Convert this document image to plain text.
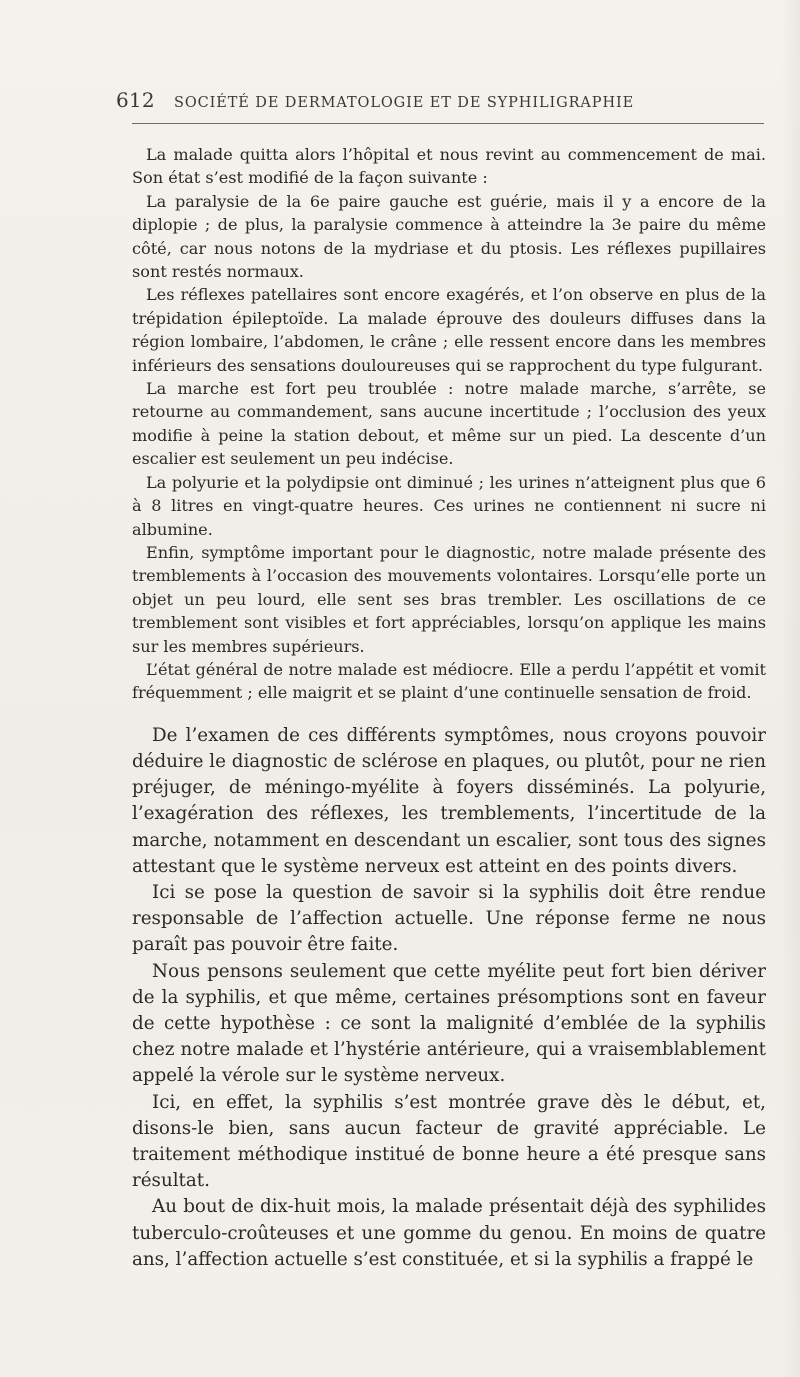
612	SOCIÉTÉ DE DERMATOLOGIE ET DE SYPHILIGRAPHIE

La malade quitta alors l’hôpital et nous revint au commencement de mai. Son état s’est modifié de la façon suivante :

La paralysie de la 6e paire gauche est guérie, mais il y a encore de la diplopie ; de plus, la paralysie commence à atteindre la 3e paire du même côté, car nous notons de la mydriase et du ptosis. Les réflexes pupillaires sont restés normaux.

Les réflexes patellaires sont encore exagérés, et l’on observe en plus de la trépidation épileptoïde. La malade éprouve des douleurs diffuses dans la région lombaire, l’abdomen, le crâne ; elle ressent encore dans les membres inférieurs des sensations douloureuses qui se rapprochent du type fulgurant.

La marche est fort peu troublée : notre malade marche, s’arrête, se retourne au commandement, sans aucune incertitude ; l’occlusion des yeux modifie à peine la station debout, et même sur un pied. La descente d’un escalier est seulement un peu indécise.

La polyurie et la polydipsie ont diminué ; les urines n’atteignent plus que 6 à 8 litres en vingt-quatre heures. Ces urines ne contiennent ni sucre ni albumine.

Enfin, symptôme important pour le diagnostic, notre malade présente des tremblements à l’occasion des mouvements volontaires. Lorsqu’elle porte un objet un peu lourd, elle sent ses bras trembler. Les oscillations de ce tremblement sont visibles et fort appréciables, lorsqu’on applique les mains sur les membres supérieurs.

L’état général de notre malade est médiocre. Elle a perdu l’appétit et vomit fréquemment ; elle maigrit et se plaint d’une continuelle sensation de froid.

De l’examen de ces différents symptômes, nous croyons pouvoir déduire le diagnostic de sclérose en plaques, ou plutôt, pour ne rien préjuger, de méningo-myélite à foyers disséminés. La polyurie, l’exagération des réflexes, les tremblements, l’incertitude de la marche, notamment en descendant un escalier, sont tous des signes attestant que le système nerveux est atteint en des points divers.

Ici se pose la question de savoir si la syphilis doit être rendue responsable de l’affection actuelle. Une réponse ferme ne nous paraît pas pouvoir être faite.

Nous pensons seulement que cette myélite peut fort bien dériver de la syphilis, et que même, certaines présomptions sont en faveur de cette hypothèse : ce sont la malignité d’emblée de la syphilis chez notre malade et l’hystérie antérieure, qui a vraisemblablement appelé la vérole sur le système nerveux.

Ici, en effet, la syphilis s’est montrée grave dès le début, et, disons-le bien, sans aucun facteur de gravité appréciable. Le traitement méthodique institué de bonne heure a été presque sans résultat.

Au bout de dix-huit mois, la malade présentait déjà des syphilides tuberculo-croûteuses et une gomme du genou. En moins de quatre ans, l’affection actuelle s’est constituée, et si la syphilis a frappé le
